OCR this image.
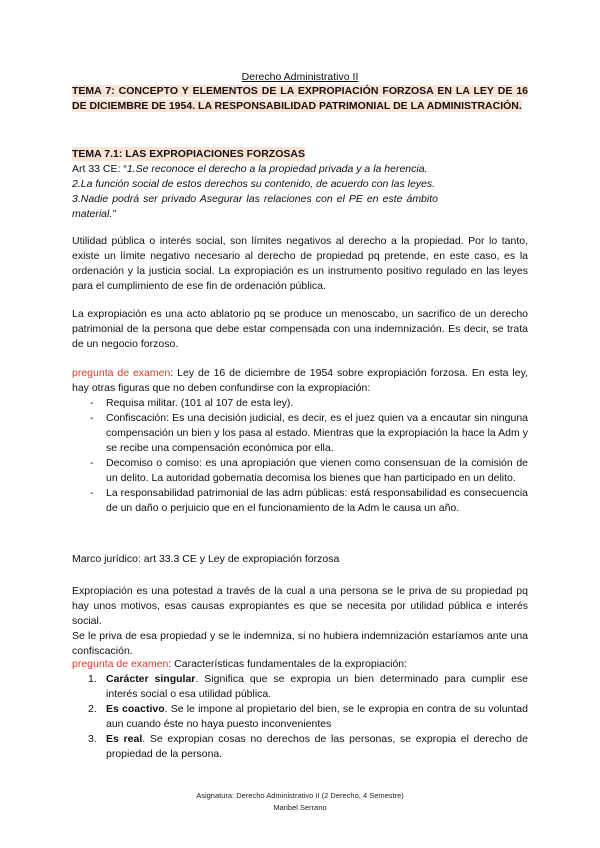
Derecho Administrativo II
TEMA 7: CONCEPTO Y ELEMENTOS DE LA EXPROPIACIÓN FORZOSA EN LA LEY DE 16 DE DICIEMBRE DE 1954. LA RESPONSABILIDAD PATRIMONIAL DE LA ADMINISTRACIÓN.
TEMA 7.1: LAS EXPROPIACIONES FORZOSAS
Art 33 CE: “1.Se reconoce el derecho a la propiedad privada y a la herencia.
2.La función social de estos derechos su contenido, de acuerdo con las leyes.
3.Nadie podrá ser privado Asegurar las relaciones con el PE en este ámbito material.”
Utilidad pública o interés social, son límites negativos al derecho a la propiedad. Por lo tanto, existe un límite negativo necesario al derecho de propiedad pq pretende, en este caso, es la ordenación y la justicia social. La expropiación es un instrumento positivo regulado en las leyes para el cumplimiento de ese fin de ordenación pública.
La expropiación es una acto ablatorio pq se produce un menoscabo, un sacrifico de un derecho patrimonial de la persona que debe estar compensada con una indemnización. Es decir, se trata de un negocio forzoso.
pregunta de examen: Ley de 16 de diciembre de 1954 sobre expropiación forzosa. En esta ley, hay otras figuras que no deben confundirse con la expropiación:
- Requisa militar. (101 al 107 de esta ley).
- Confiscación: Es una decisión judicial, es decir, es el juez quien va a encautar sin ninguna compensación un bien y los pasa al estado. Mientras que la expropiación la hace la Adm y se recibe una compensación económica por ella.
- Decomiso o comiso: es una apropiación que vienen como consensuan de la comisión de un delito. La autoridad gobernatia decomisa los bienes que han participado en un delito.
- La responsabilidad patrimonial de las adm públicas: está responsabilidad es consecuencia de un daño o perjuicio que en el funcionamiento de la Adm le causa un año.
Marco jurídico: art 33.3 CE y Ley de expropiación forzosa
Expropiación es una potestad a través de la cual a una persona se le priva de su propiedad pq hay unos motivos, esas causas expropiantes es que se necesita por utilidad pública e interés social.
Se le priva de esa propiedad y se le indemniza, si no hubiera indemnización estaríamos ante una confiscación.
pregunta de examen: Características fundamentales de la expropiación:
1. Carácter singular. Significa que se expropia un bien determinado para cumplir ese interés social o esa utilidad pública.
2. Es coactivo. Se le impone al propietario del bien, se le expropia en contra de su voluntad aun cuando éste no haya puesto inconvenientes
3. Es real. Se expropian cosas no derechos de las personas, se expropia el derecho de propiedad de la persona.
Asignatura: Derecho Administrativo II (2 Derecho, 4 Semestre)
Maribel Serrano
